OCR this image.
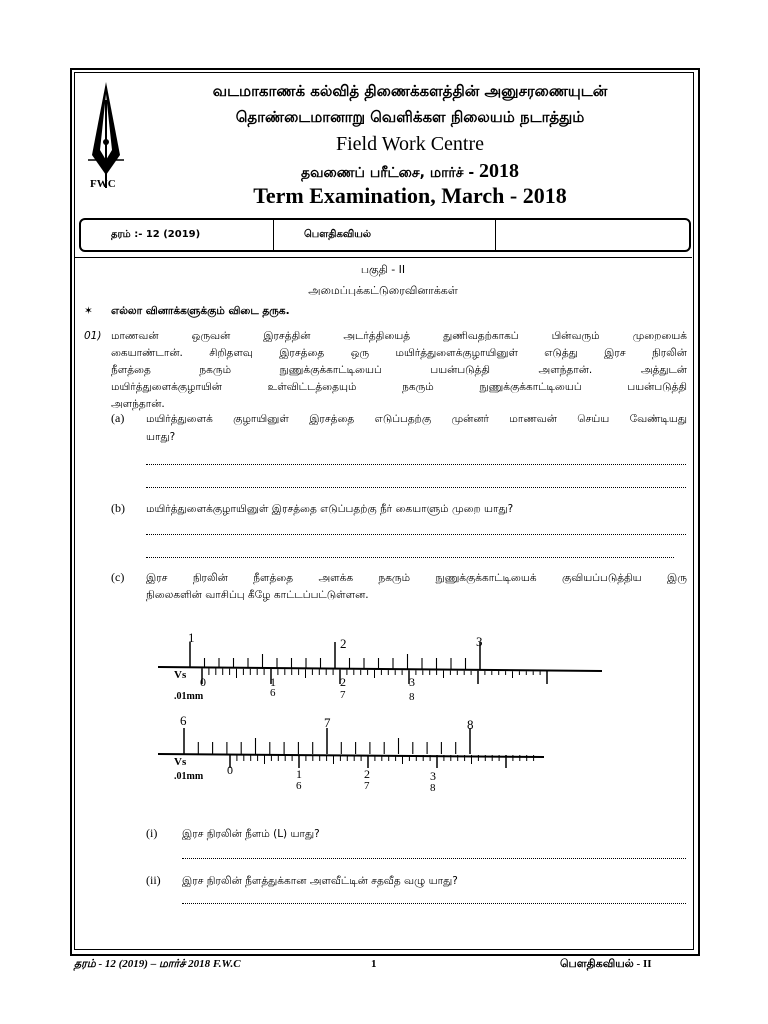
FWC
வடமாகாணக் கல்வித் திணைக்களத்தின் அனுசரணையுடன்
தொண்டைமானாறு வெளிக்கள நிலையம் நடாத்தும்
Field Work Centre
தவணைப் பரீட்சை, மார்ச் - 2018
Term Examination, March - 2018
தரம் :- 12 (2019)	பௌதிகவியல்
பகுதி - II
அமைப்புக்கட்டுரைவினாக்கள்
✶ எல்லா வினாக்களுக்கும் விடை தருக.
01) மாணவன் ஒருவன் இரசத்தின் அடர்த்தியைத் துணிவதற்காகப் பின்வரும் முறையைக்
கையாண்டான். சிறிதளவு இரசத்தை ஒரு மயிர்த்துளைக்குழாயினுள் எடுத்து இரச நிரலின்
நீளத்தை நகரும் நுணுக்குக்காட்டியைப் பயன்படுத்தி அளந்தான். அத்துடன்
மயிர்த்துளைக்குழாயின் உள்விட்டத்தையும் நகரும் நுணுக்குக்காட்டியைப் பயன்படுத்தி
அளந்தான்.
(a) மயிர்த்துளைக் குழாயினுள் இரசத்தை எடுப்பதற்கு முன்னர் மாணவன் செய்ய வேண்டியது
யாது?
(b) மயிர்த்துளைக்குழாயினுள் இரசத்தை எடுப்பதற்கு நீர் கையாளும் முறை யாது?
(c) இரச நிரலின் நீளத்தை அளக்க நகரும் நுணுக்குக்காட்டியைக் குவியப்படுத்திய இரு
நிலைகளின் வாசிப்பு கீழே காட்டப்பட்டுள்ளன.
2
1	3
Vs
.01mm
0	1	2	3
6	7	8
6	7	8
Vs
.01mm 0	1	2	3
6	7	8
(i) இரச நிரலின் நீளம் (L) யாது?
(ii) இரச நிரலின் நீளத்துக்கான அளவீட்டின் சதவீத வழு யாது?
தரம் - 12 (2019) – மார்ச் 2018 F.W.C	1	பௌதிகவியல் - II
